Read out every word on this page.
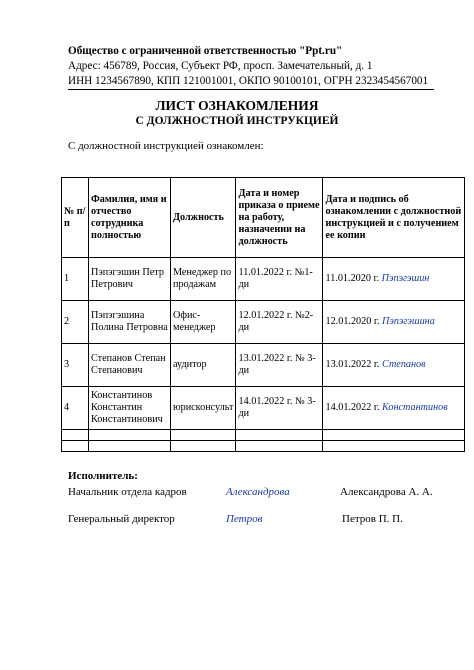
Общество с ограниченной ответственностью "Ppt.ru"
Адрес: 456789, Россия, Субъект РФ, просп. Замечательный, д. 1
ИНН 1234567890, КПП 121001001, ОКПО 90100101, ОГРН 2323454567001
ЛИСТ ОЗНАКОМЛЕНИЯ
С ДОЛЖНОСТНОЙ ИНСТРУКЦИЕЙ
С должностной инструкцией ознакомлен:
№ п/п	Фамилия, имя и отчество сотрудника полностью	Должность	Дата и номер приказа о приеме на работу, назначении на должность	Дата и подпись об ознакомлении с должностной инструкцией и с получением ее копии
1	Пэпэгэшин Петр Петрович	Менеджер по продажам	11.01.2022 г. №1-ди	11.01.2020 г. Пэпэгэшин
2	Пэпэгэшина Полина Петровна	Офис-менеджер	12.01.2022 г. №2-ди	12.01.2020 г. Пэпэгэшина
3	Степанов Степан Степанович	аудитор	13.01.2022 г. № 3-ди	13.01.2022 г. Степанов
4	Константинов Константин Константинович	юрисконсульт	14.01.2022 г. № 3-ди	14.01.2022 г. Константинов

Исполнитель:
Начальник отдела кадров	Александрова	Александрова А. А.
Генеральный директор	Петров	Петров П. П.
